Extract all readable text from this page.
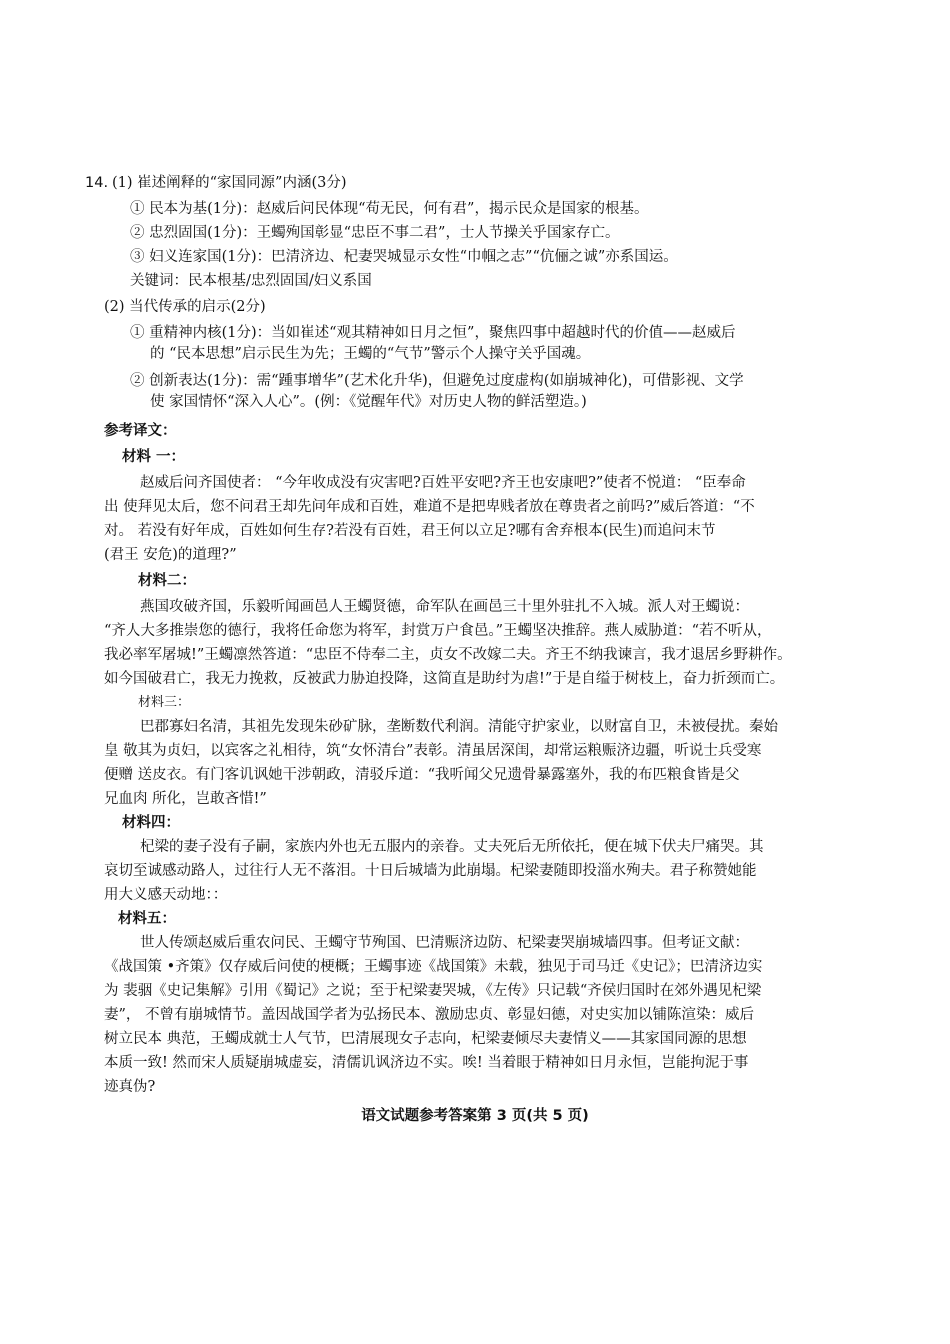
14. (1) 崔述阐释的“家国同源”内涵(3分)
① 民本为基(1分)：赵威后问民体现“苟无民，何有君”，揭示民众是国家的根基。
② 忠烈固国(1分)：王蠋殉国彰显“忠臣不事二君”，士人节操关乎国家存亡。
③ 妇义连家国(1分)：巴清济边、杞妻哭城显示女性“巾帼之志”“伉俪之诚”亦系国运。
关键词：民本根基/忠烈固国/妇义系国
(2) 当代传承的启示(2分)
① 重精神内核(1分)：当如崔述“观其精神如日月之恒”，聚焦四事中超越时代的价值——赵威后
的 “民本思想”启示民生为先；王蠋的“气节”警示个人操守关乎国魂。
② 创新表达(1分)：需“踵事增华”(艺术化升华)，但避免过度虚构(如崩城神化)，可借影视、文学
使 家国情怀“深入人心”。(例：《觉醒年代》对历史人物的鲜活塑造。)
参考译文：
材料 一：
赵威后问齐国使者： “今年收成没有灾害吧?百姓平安吧?齐王也安康吧?”使者不悦道： “臣奉命
出 使拜见太后，您不问君王却先问年成和百姓，难道不是把卑贱者放在尊贵者之前吗?”威后答道：“不
对。 若没有好年成，百姓如何生存?若没有百姓，君王何以立足?哪有舍弃根本(民生)而追问末节
(君王 安危)的道理?”
材料二：
燕国攻破齐国，乐毅听闻画邑人王蠋贤德，命军队在画邑三十里外驻扎不入城。派人对王蠋说：
“齐人大多推崇您的德行，我将任命您为将军，封赏万户食邑。”王蠋坚决推辞。燕人威胁道：“若不听从，
我必率军屠城!”王蠋凛然答道：“忠臣不侍奉二主，贞女不改嫁二夫。齐王不纳我谏言，我才退居乡野耕作。
如今国破君亡，我无力挽救，反被武力胁迫投降，这简直是助纣为虐!”于是自缢于树枝上，奋力折颈而亡。
材料三：
巴郡寡妇名清，其祖先发现朱砂矿脉，垄断数代利润。清能守护家业，以财富自卫，未被侵扰。秦始
皇 敬其为贞妇，以宾客之礼相待，筑“女怀清台”表彰。清虽居深闺，却常运粮赈济边疆，听说士兵受寒
便赠 送皮衣。有门客讥讽她干涉朝政，清驳斥道：“我听闻父兄遗骨暴露塞外，我的布匹粮食皆是父
兄血肉 所化，岂敢吝惜!”
材料四：
杞梁的妻子没有子嗣，家族内外也无五服内的亲眷。丈夫死后无所依托，便在城下伏夫尸痛哭。其
哀切至诚感动路人，过往行人无不落泪。十日后城墙为此崩塌。杞梁妻随即投淄水殉夫。君子称赞她能
用大义感天动地：：
材料五：
世人传颂赵威后重农问民、王蠋守节殉国、巴清赈济边防、杞梁妻哭崩城墙四事。但考证文献：
《战国策 •齐策》仅存威后问使的梗概；王蠋事迹《战国策》未载，独见于司马迁《史记》；巴清济边实
为 裴骃《史记集解》引用《蜀记》之说；至于杞梁妻哭城，《左传》只记载“齐侯归国时在郊外遇见杞梁
妻”， 不曾有崩城情节。盖因战国学者为弘扬民本、激励忠贞、彰显妇德，对史实加以铺陈渲染：威后
树立民本 典范，王蠋成就士人气节，巴清展现女子志向，杞梁妻倾尽夫妻情义——其家国同源的思想
本质一致! 然而宋人质疑崩城虚妄，清儒讥讽济边不实。唉! 当着眼于精神如日月永恒，岂能拘泥于事
迹真伪?
语文试题参考答案第 3 页(共 5 页)
